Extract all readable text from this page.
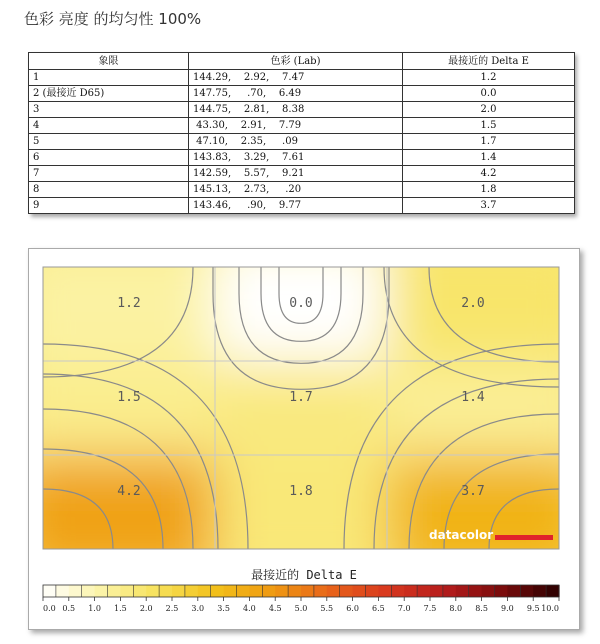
色彩 亮度 的均匀性 100%
象限	色彩 (Lab)	最接近的 Delta E
1	144.29,    2.92,    7.47	1.2
2 (最接近 D65)	147.75,     .70,    6.49	0.0
3	144.75,    2.81,    8.38	2.0
4	43.30,    2.91,    7.79	1.5
5	47.10,    2.35,     .09	1.7
6	143.83,    3.29,    7.61	1.4
7	142.59,    5.57,    9.21	4.2
8	145.13,    2.73,     .20	1.8
9	143.46,     .90,    9.77	3.7
1.2	0.0	2.0
1.5	1.7	1.4
4.2	1.8	3.7
datacolor
最接近的 Delta E
0.0 0.5 1.0 1.5 2.0 2.5 3.0 3.5 4.0 4.5 5.0 5.5 6.0 6.5 7.0 7.5 8.0 8.5 9.0 9.5 10.0
